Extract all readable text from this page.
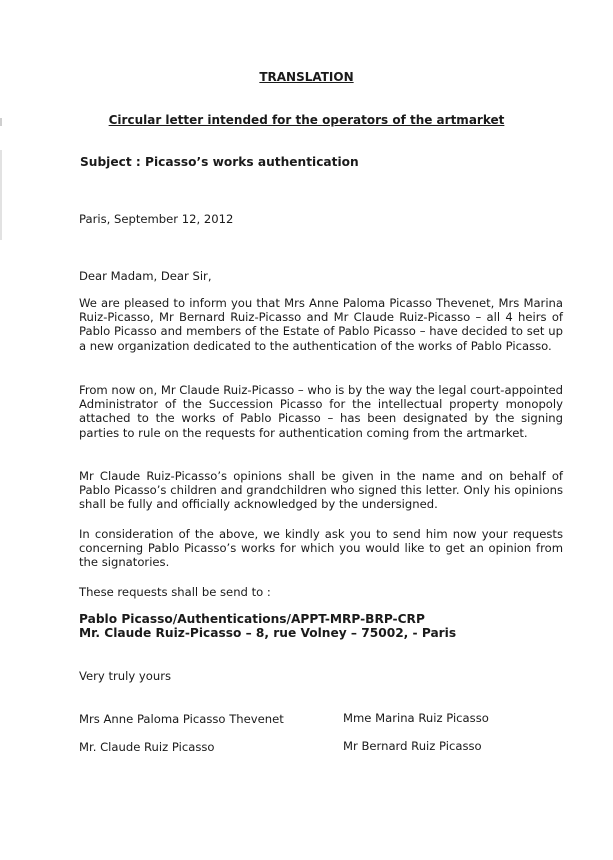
TRANSLATION
Circular letter intended for the operators of the artmarket
Subject : Picasso’s works authentication
Paris, September 12, 2012
Dear Madam, Dear Sir,

We are pleased to inform you that Mrs Anne Paloma Picasso Thevenet, Mrs Marina Ruiz-Picasso, Mr Bernard Ruiz-Picasso and Mr Claude Ruiz-Picasso – all 4 heirs of Pablo Picasso and members of the Estate of Pablo Picasso – have decided to set up a new organization dedicated to the authentication of the works of Pablo Picasso.

From now on, Mr Claude Ruiz-Picasso – who is by the way the legal court-appointed Administrator of the Succession Picasso for the intellectual property monopoly attached to the works of Pablo Picasso – has been designated by the signing parties to rule on the requests for authentication coming from the artmarket.

Mr Claude Ruiz-Picasso’s opinions shall be given in the name and on behalf of Pablo Picasso’s children and grandchildren who signed this letter. Only his opinions shall be fully and officially acknowledged by the undersigned.

In consideration of the above, we kindly ask you to send him now your requests concerning Pablo Picasso’s works for which you would like to get an opinion from the signatories.

These requests shall be send to :

Pablo Picasso/Authentications/APPT-MRP-BRP-CRP

Mr. Claude Ruiz-Picasso – 8, rue Volney – 75002, - Paris

Very truly yours
Mrs Anne Paloma Picasso Thevenet	Mme Marina Ruiz Picasso
Mr. Claude Ruiz Picasso	Mr Bernard Ruiz Picasso
